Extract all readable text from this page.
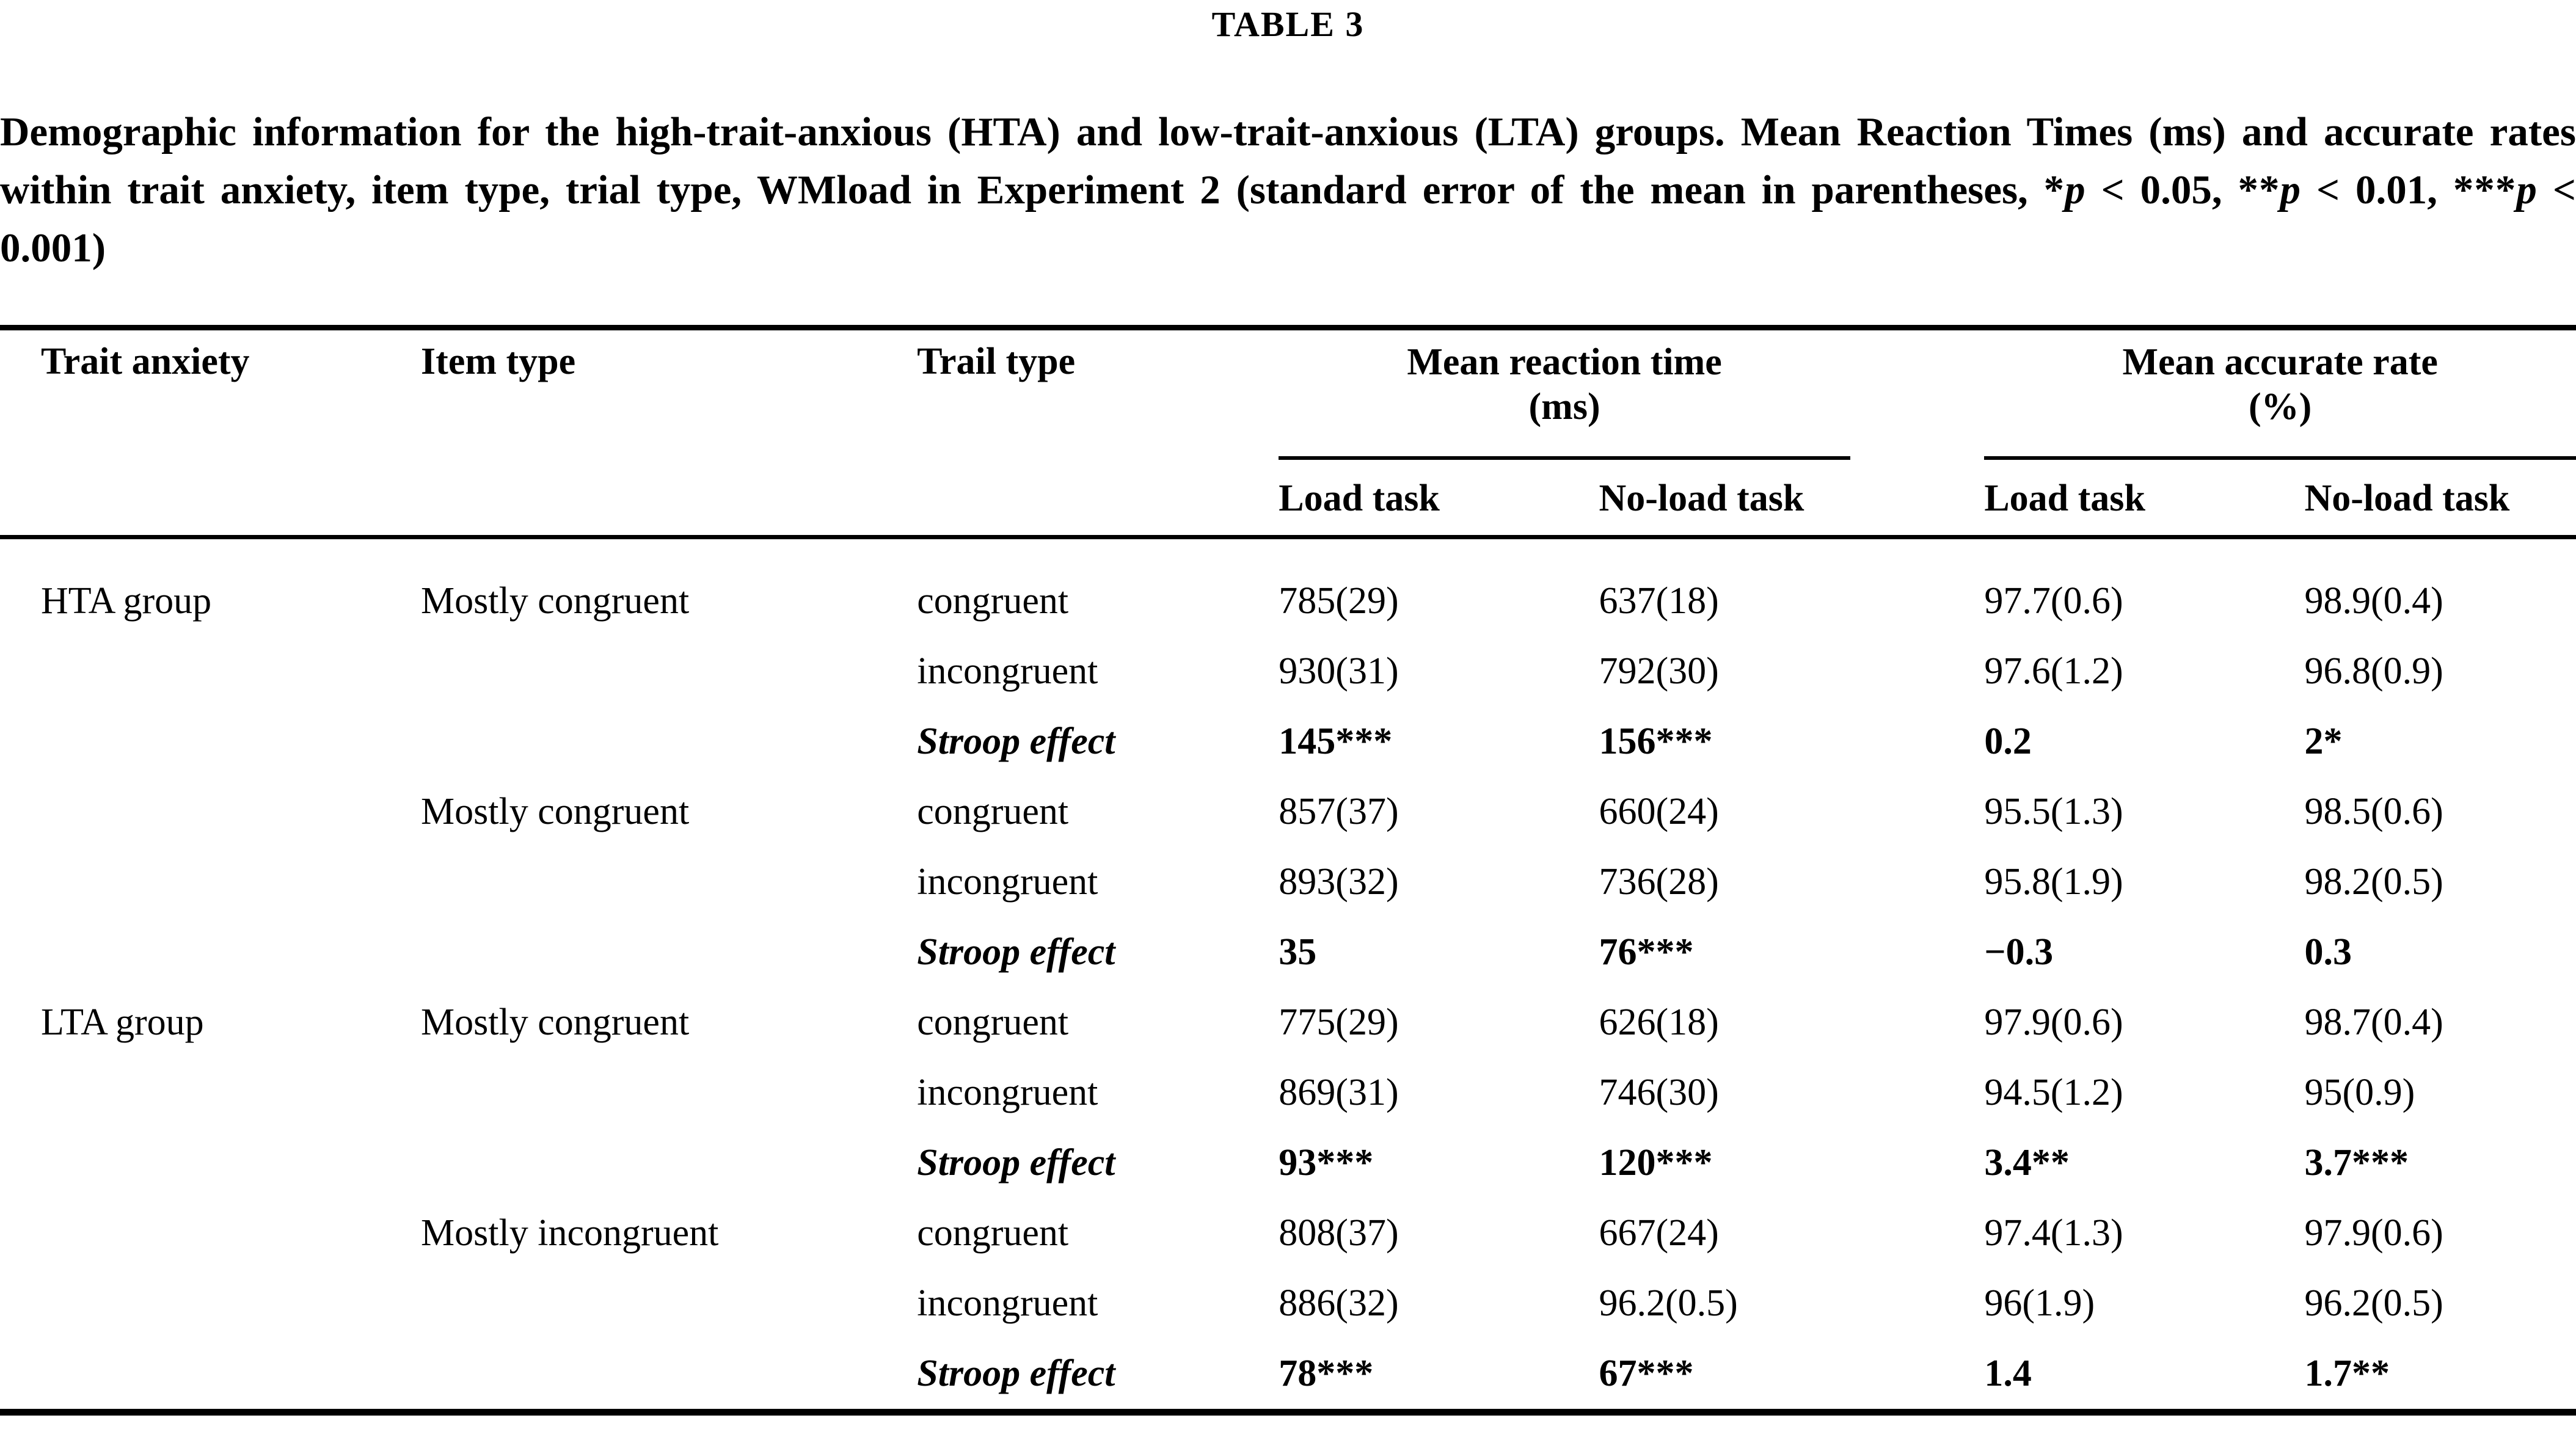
TABLE 3
Demographic information for the high-trait-anxious (HTA) and low-trait-anxious (LTA) groups. Mean Reaction Times (ms) and accurate rates within trait anxiety, item type, trial type, WMload in Experiment 2 (standard error of the mean in parentheses, *p < 0.05, **p < 0.01, ***p < 0.001)
Trait anxiety	Item type	Trail type	Mean reaction time
(ms)

Mean accurate rate
(%)

			Load task	No-load task	Load task	No-load task
HTA group	Mostly congruent	congruent	785(29)	637(18)	97.7(0.6)	98.9(0.4)
		incongruent	930(31)	792(30)	97.6(1.2)	96.8(0.9)
		Stroop effect	145***	156***	0.2	2*
	Mostly congruent	congruent	857(37)	660(24)	95.5(1.3)	98.5(0.6)
		incongruent	893(32)	736(28)	95.8(1.9)	98.2(0.5)
		Stroop effect	35	76***	−0.3	0.3
LTA group	Mostly congruent	congruent	775(29)	626(18)	97.9(0.6)	98.7(0.4)
		incongruent	869(31)	746(30)	94.5(1.2)	95(0.9)
		Stroop effect	93***	120***	3.4**	3.7***
	Mostly incongruent	congruent	808(37)	667(24)	97.4(1.3)	97.9(0.6)
		incongruent	886(32)	96.2(0.5)	96(1.9)	96.2(0.5)
		Stroop effect	78***	67***	1.4	1.7**
